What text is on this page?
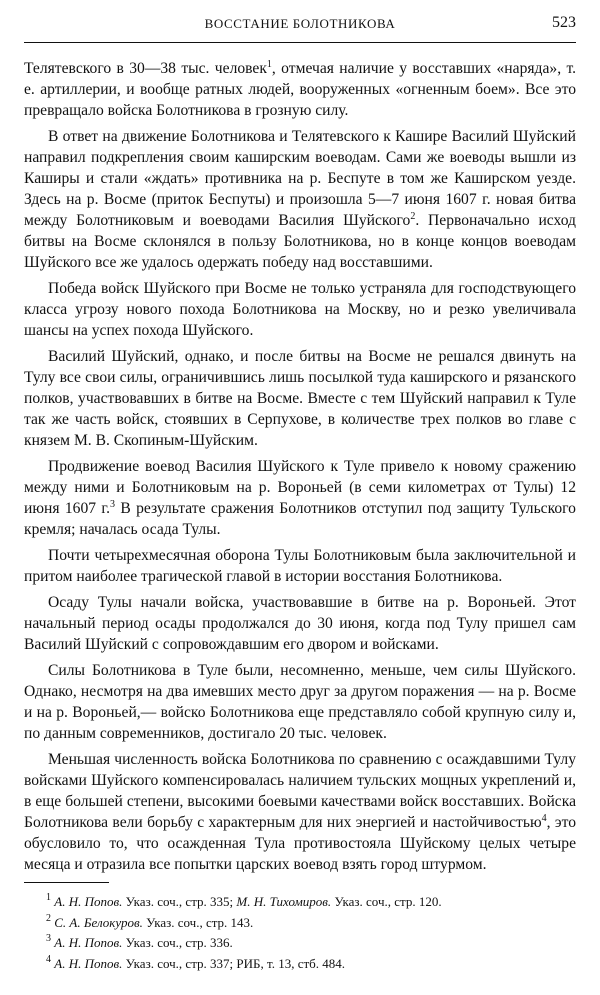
ВОССТАНИЕ БОЛОТНИКОВА	523

Телятевского в 30—38 тыс. человек$^1$, отмечая наличие у восставших «наряда», т. е. артиллерии, и вообще ратных людей, вооруженных «огненным боем». Все это превращало войска Болотникова в грозную силу.

В ответ на движение Болотникова и Телятевского к Кашире Василий Шуйский направил подкрепления своим каширским воеводам. Сами же воеводы вышли из Каширы и стали «ждать» противника на р. Беспуте в том же Каширском уезде. Здесь на р. Восме (приток Беспуты) и произошла 5—7 июня 1607 г. новая битва между Болотниковым и воеводами Василия Шуйского$^2$. Первоначально исход битвы на Восме склонялся в пользу Болотникова, но в конце концов воеводам Шуйского все же удалось одержать победу над восставшими.

Победа войск Шуйского при Восме не только устраняла для господствующего класса угрозу нового похода Болотникова на Москву, но и резко увеличивала шансы на успех похода Шуйского.

Василий Шуйский, однако, и после битвы на Восме не решался двинуть на Тулу все свои силы, ограничившись лишь посылкой туда каширского и рязанского полков, участвовавших в битве на Восме. Вместе с тем Шуйский направил к Туле так же часть войск, стоявших в Серпухове, в количестве трех полков во главе с князем М. В. Скопиным-Шуйским.

Продвижение воевод Василия Шуйского к Туле привело к новому сражению между ними и Болотниковым на р. Вороньей (в семи километрах от Тулы) 12 июня 1607 г.$^3$ В результате сражения Болотников отступил под защиту Тульского кремля; началась осада Тулы.

Почти четырехмесячная оборона Тулы Болотниковым была заключительной и притом наиболее трагической главой в истории восстания Болотникова.

Осаду Тулы начали войска, участвовавшие в битве на р. Вороньей. Этот начальный период осады продолжался до 30 июня, когда под Тулу пришел сам Василий Шуйский с сопровождавшим его двором и войсками.

Силы Болотникова в Туле были, несомненно, меньше, чем силы Шуйского. Однако, несмотря на два имевших место друг за другом поражения — на р. Восме и на р. Вороньей,— войско Болотникова еще представляло собой крупную силу и, по данным современников, достигало 20 тыс. человек.

Меньшая численность войска Болотникова по сравнению с осаждавшими Тулу войсками Шуйского компенсировалась наличием тульских мощных укреплений и, в еще большей степени, высокими боевыми качествами войск восставших. Войска Болотникова вели борьбу с характерным для них энергией и настойчивостью$^4$, это обусловило то, что осажденная Тула противостояла Шуйскому целых четыре месяца и отразила все попытки царских воевод взять город штурмом.

$^1$ А. Н. Попов. Указ. соч., стр. 335; М. Н. Тихомиров. Указ. соч., стр. 120.
$^2$ С. А. Белокуров. Указ. соч., стр. 143.
$^3$ А. Н. Попов. Указ. соч., стр. 336.
$^4$ А. Н. Попов. Указ. соч., стр. 337; РИБ, т. 13, стб. 484.
